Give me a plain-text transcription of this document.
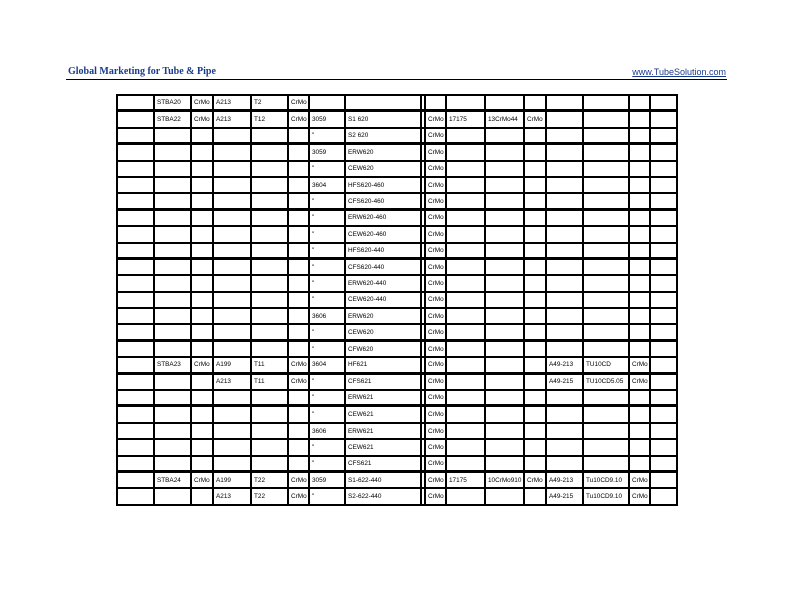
Global Marketing for Tube & Pipe	www.TubeSolution.com
	STBA20	CrMo	A213	T2	CrMo											
	STBA22	CrMo	A213	T12	CrMo	3059	S1 620		CrMo	17175	13CrMo44	CrMo				
						"	S2 620		CrMo							
						3059	ERW620		CrMo							
						"	CEW620		CrMo							
						3604	HFS620-460		CrMo							
						"	CFS620-460		CrMo							
						"	ERW620-460		CrMo							
						"	CEW620-460		CrMo							
						"	HFS620-440		CrMo							
						"	CFS620-440		CrMo							
						"	ERW620-440		CrMo							
						"	CEW620-440		CrMo							
						3606	ERW620		CrMo							
						"	CEW620		CrMo							
						"	CFW620		CrMo							
	STBA23	CrMo	A199	T11	CrMo	3604	HF621		CrMo				A49-213	TU10CD	CrMo	
			A213	T11	CrMo	"	CFS621		CrMo				A49-215	TU10CD5.05	CrMo	
						"	ERW621		CrMo							
						"	CEW621		CrMo							
						3606	ERW621		CrMo							
						"	CEW621		CrMo							
						"	CFS621		CrMo							
	STBA24	CrMo	A199	T22	CrMo	3059	S1-622-440		CrMo	17175	10CrMo910	CrMo	A49-213	Tu10CD9.10	CrMo	
			A213	T22	CrMo	"	S2-622-440		CrMo				A49-215	Tu10CD9.10	CrMo	
